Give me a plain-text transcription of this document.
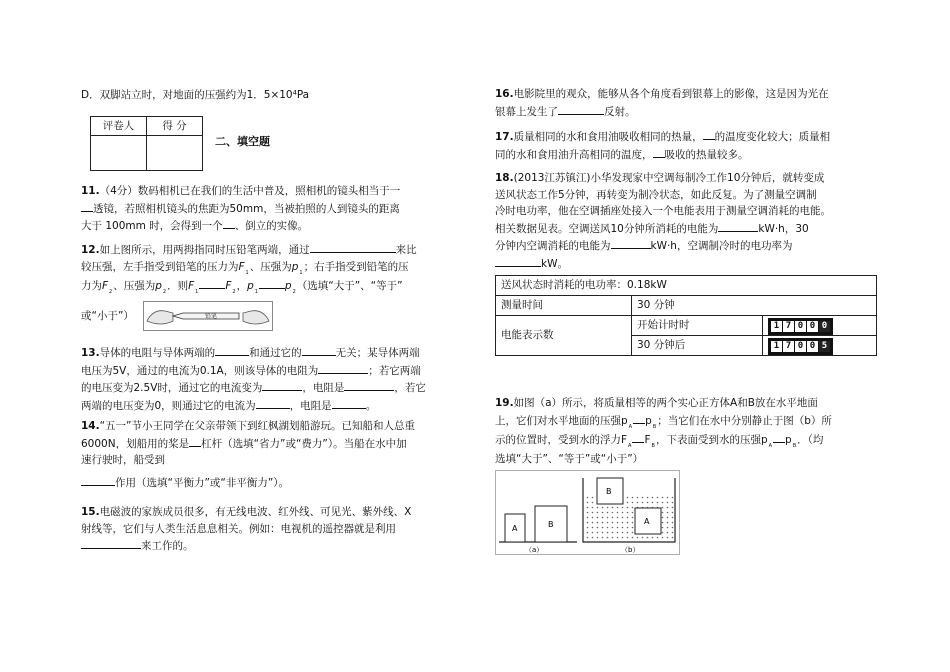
D．双脚站立时，对地面的压强约为1．5×10⁴Pa
评卷人	得 分

二、填空题
11.（4分）数码相机已在我们的生活中普及，照相机的镜头相当于一
透镜，若照相机镜头的焦距为50mm，当被拍照的人到镜头的距离
大于 100mm 时，会得到一个 、倒立的实像。
12.如上图所示，用两拇指同时压铅笔两端，通过	来比
较压强，左手指受到铅笔的压力为$F_1$、压强为$p_1$；右手指受到铅笔的压
力为$F_2$、压强为$p_2$．则$F_1$	$F_2$，$p_1$	$p_2$（选填“大于”、“等于”
或“小于”）	铅笔
13.导体的电阻与导体两端的	和通过它的	无关；某导体两端
电压为5V，通过的电流为0.1A，则该导体的电阻为	；若它两端
的电压变为2.5V时，通过它的电流变为	，电阻是	，若它
两端的电压变为0，则通过它的电流为	，电阻是	。
14.“五一”节小王同学在父亲带领下到红枫湖划船游玩。已知船和人总重
6000N，划船用的桨是 杠杆（选填“省力”或“费力”）。当船在水中加
速行驶时，船受到
作用（选填“平衡力”或“非平衡力”）。
15.电磁波的家族成员很多，有无线电波、红外线、可见光、紫外线、X
射线等，它们与人类生活息息相关。例如：电视机的遥控器就是利用
来工作的。
16.电影院里的观众，能够从各个角度看到银幕上的影像，这是因为光在
银幕上发生了	反射。
17.质量相同的水和食用油吸收相同的热量， 的温度变化较大；质量相
同的水和食用油升高相同的温度， 吸收的热量较多。
18.(2013江苏镇江)小华发现家中空调每制冷工作10分钟后，就转变成
送风状态工作5分钟，再转变为制冷状态，如此反复。为了测量空调制
冷时电功率，他在空调插座处接入一个电能表用于测量空调消耗的电能。
相关数据见表。空调送风10分钟所消耗的电能为	kW·h，30
分钟内空调消耗的电能为	kW·h，空调制冷时的电功率为
kW。
送风状态时消耗的电功率：0.18kW		
测量时间	30 分钟	
电能表示数	开始计时时	1 7 0 0 0

	30 分钟后	1 7 0 0 5
19.如图（a）所示，将质量相等的两个实心正方体A和B放在水平地面
上，它们对水平地面的压强$p_A$ $p_B$；当它们在水中分别静止于图（b）所
示的位置时，受到水的浮力$F_A$ $F_B$，下表面受到水的压强$p_A$ $p_B$．（均
选填“大于”、“等于”或“小于”）
A	B
（a）
B
A
（b）
